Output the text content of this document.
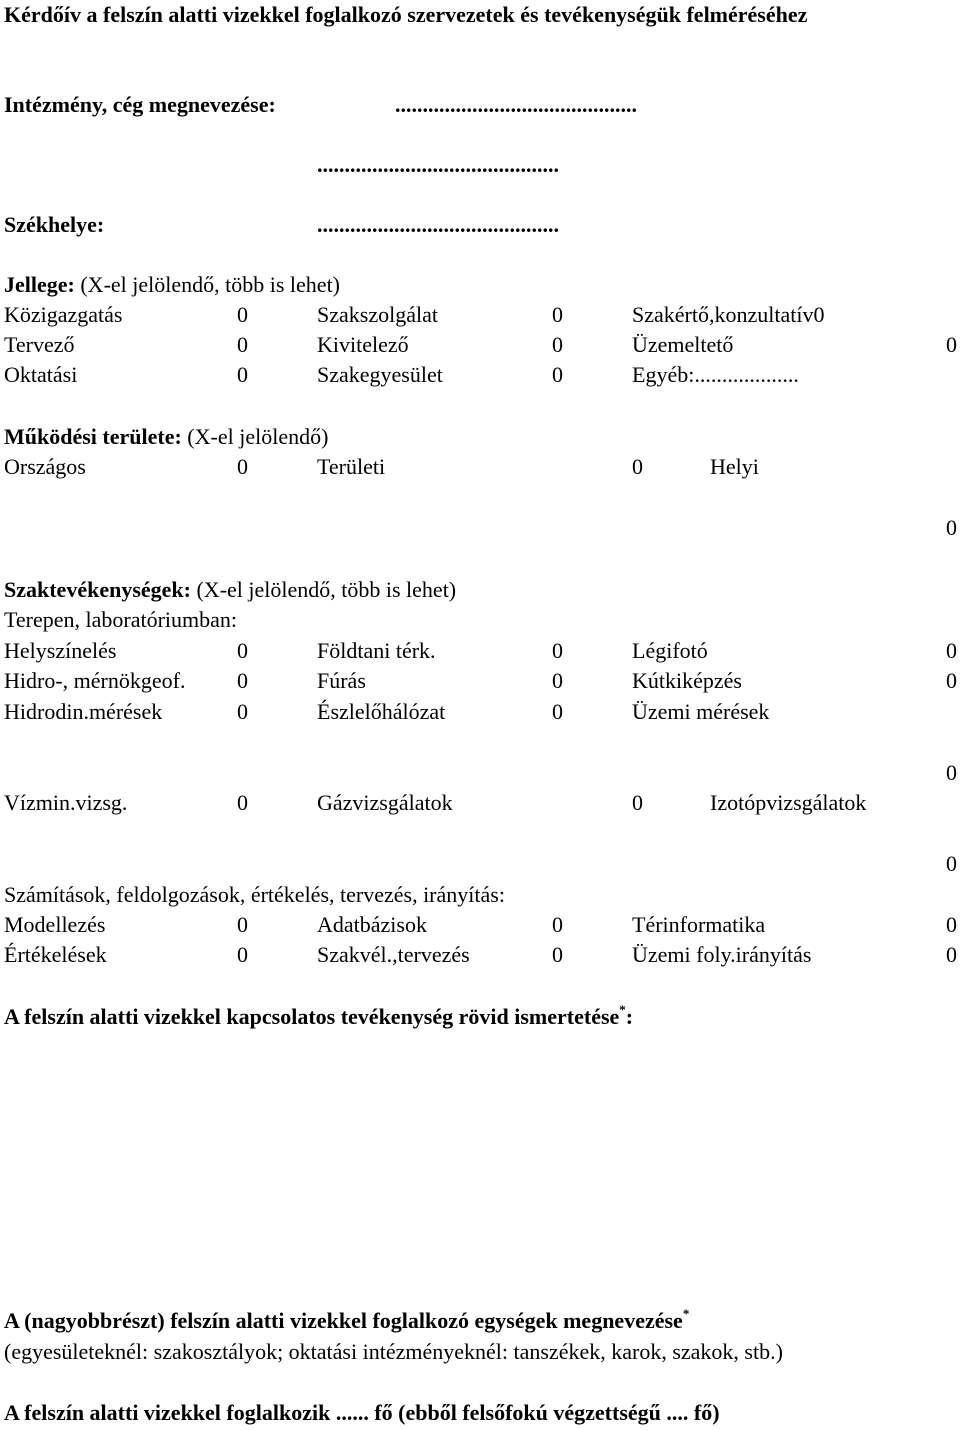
Kérdőív a felszín alatti vizekkel foglalkozó szervezetek és tevékenységük felméréséhez
Intézmény, cég megnevezése:	............................................
............................................
Székhelye:	............................................
Jellege: (X-el jelölendő, több is lehet)
Közigazgatás	0	Szakszolgálat	0	Szakértő,konzultatív0
Tervező	0	Kivitelező	0	Üzemeltető	0
Oktatási	0	Szakegyesület	0	Egyéb:...................
Működési területe: (X-el jelölendő)
Országos	0	Területi	0	Helyi
0
Szaktevékenységek: (X-el jelölendő, több is lehet)
Terepen, laboratóriumban:
Helyszínelés	0	Földtani térk.	0	Légifotó	0
Hidro-, mérnökgeof. 0	Fúrás	0	Kútkiképzés	0
Hidrodin.mérések	0	Észlelőhálózat	0	Üzemi mérések
0
Vízmin.vizsg.	0	Gázvizsgálatok	0	Izotópvizsgálatok
0
Számítások, feldolgozások, értékelés, tervezés, irányítás:
Modellezés	0	Adatbázisok	0	Térinformatika	0
Értékelések	0	Szakvél.,tervezés	0	Üzemi foly.irányítás	0
A felszín alatti vizekkel kapcsolatos tevékenység rövid ismertetése*:
A (nagyobbrészt) felszín alatti vizekkel foglalkozó egységek megnevezése*
(egyesületeknél: szakosztályok; oktatási intézményeknél: tanszékek, karok, szakok, stb.)
A felszín alatti vizekkel foglalkozik ...... fő (ebből felsőfokú végzettségű .... fő)
